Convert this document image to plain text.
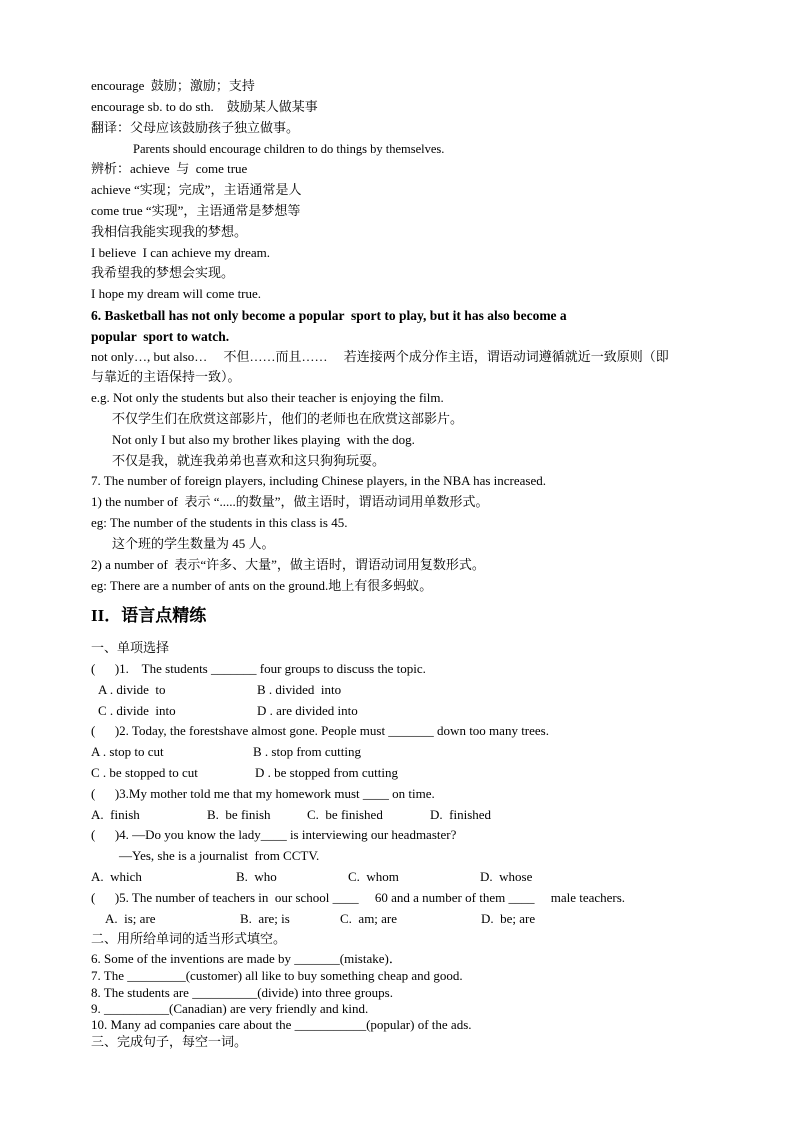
encourage  鼓励；激励；支持
encourage sb. to do sth.    鼓励某人做某事
翻译：父母应该鼓励孩子独立做事。
Parents should encourage children to do things by themselves.
辨析：achieve  与  come true
achieve “实现；完成”，主语通常是人
come true “实现”，主语通常是梦想等
我相信我能实现我的梦想。
I believe  I can achieve my dream.
我希望我的梦想会实现。
I hope my dream will come true.
6. Basketball has not only become a popular  sport to play, but it has also become a
popular  sport to watch.
not only…, but also…     不但……而且……     若连接两个成分作主语，谓语动词遵循就近一致原则（即
与靠近的主语保持一致）。
e.g. Not only the students but also their teacher is enjoying the film.
不仅学生们在欣赏这部影片，他们的老师也在欣赏这部影片。
Not only I but also my brother likes playing  with the dog.
不仅是我，就连我弟弟也喜欢和这只狗狗玩耍。
7. The number of foreign players, including Chinese players, in the NBA has increased.
1) the number of  表示 “.....的数量”，做主语时，谓语动词用单数形式。
eg: The number of the students in this class is 45.
这个班的学生数量为 45 人。
2) a number of  表示“许多、大量”，做主语时，谓语动词用复数形式。
eg: There are a number of ants on the ground.地上有很多蚂蚁。
II．语言点精练
一、单项选择
(      )1.    The students _______ four groups to discuss the topic.
A . divide  to	B . divided  into
C . divide  into	D . are divided into
(      )2. Today, the forestshave almost gone. People must _______ down too many trees.
A . stop to cut	B . stop from cutting
C . be stopped to cut	D . be stopped from cutting
(      )3.My mother told me that my homework must ____ on time.
A.  finish	B.  be finish	C.  be finished	D.  finished
(      )4. —Do you know the lady____ is interviewing our headmaster?
—Yes, she is a journalist  from CCTV.
A.  which	B.  who	C.  whom	D.  whose
(      )5. The number of teachers in  our school ____     60 and a number of them ____     male teachers.
A.  is; are	B.  are; is	C.  am; are	D.  be; are
二、用所给单词的适当形式填空。
6. Some of the inventions are made by _______(mistake)．
7. The _________(customer) all like to buy something cheap and good.
8. The students are __________(divide) into three groups.
9. __________(Canadian) are very friendly and kind.
10. Many ad companies care about the ___________(popular) of the ads.
三、完成句子，每空一词。
